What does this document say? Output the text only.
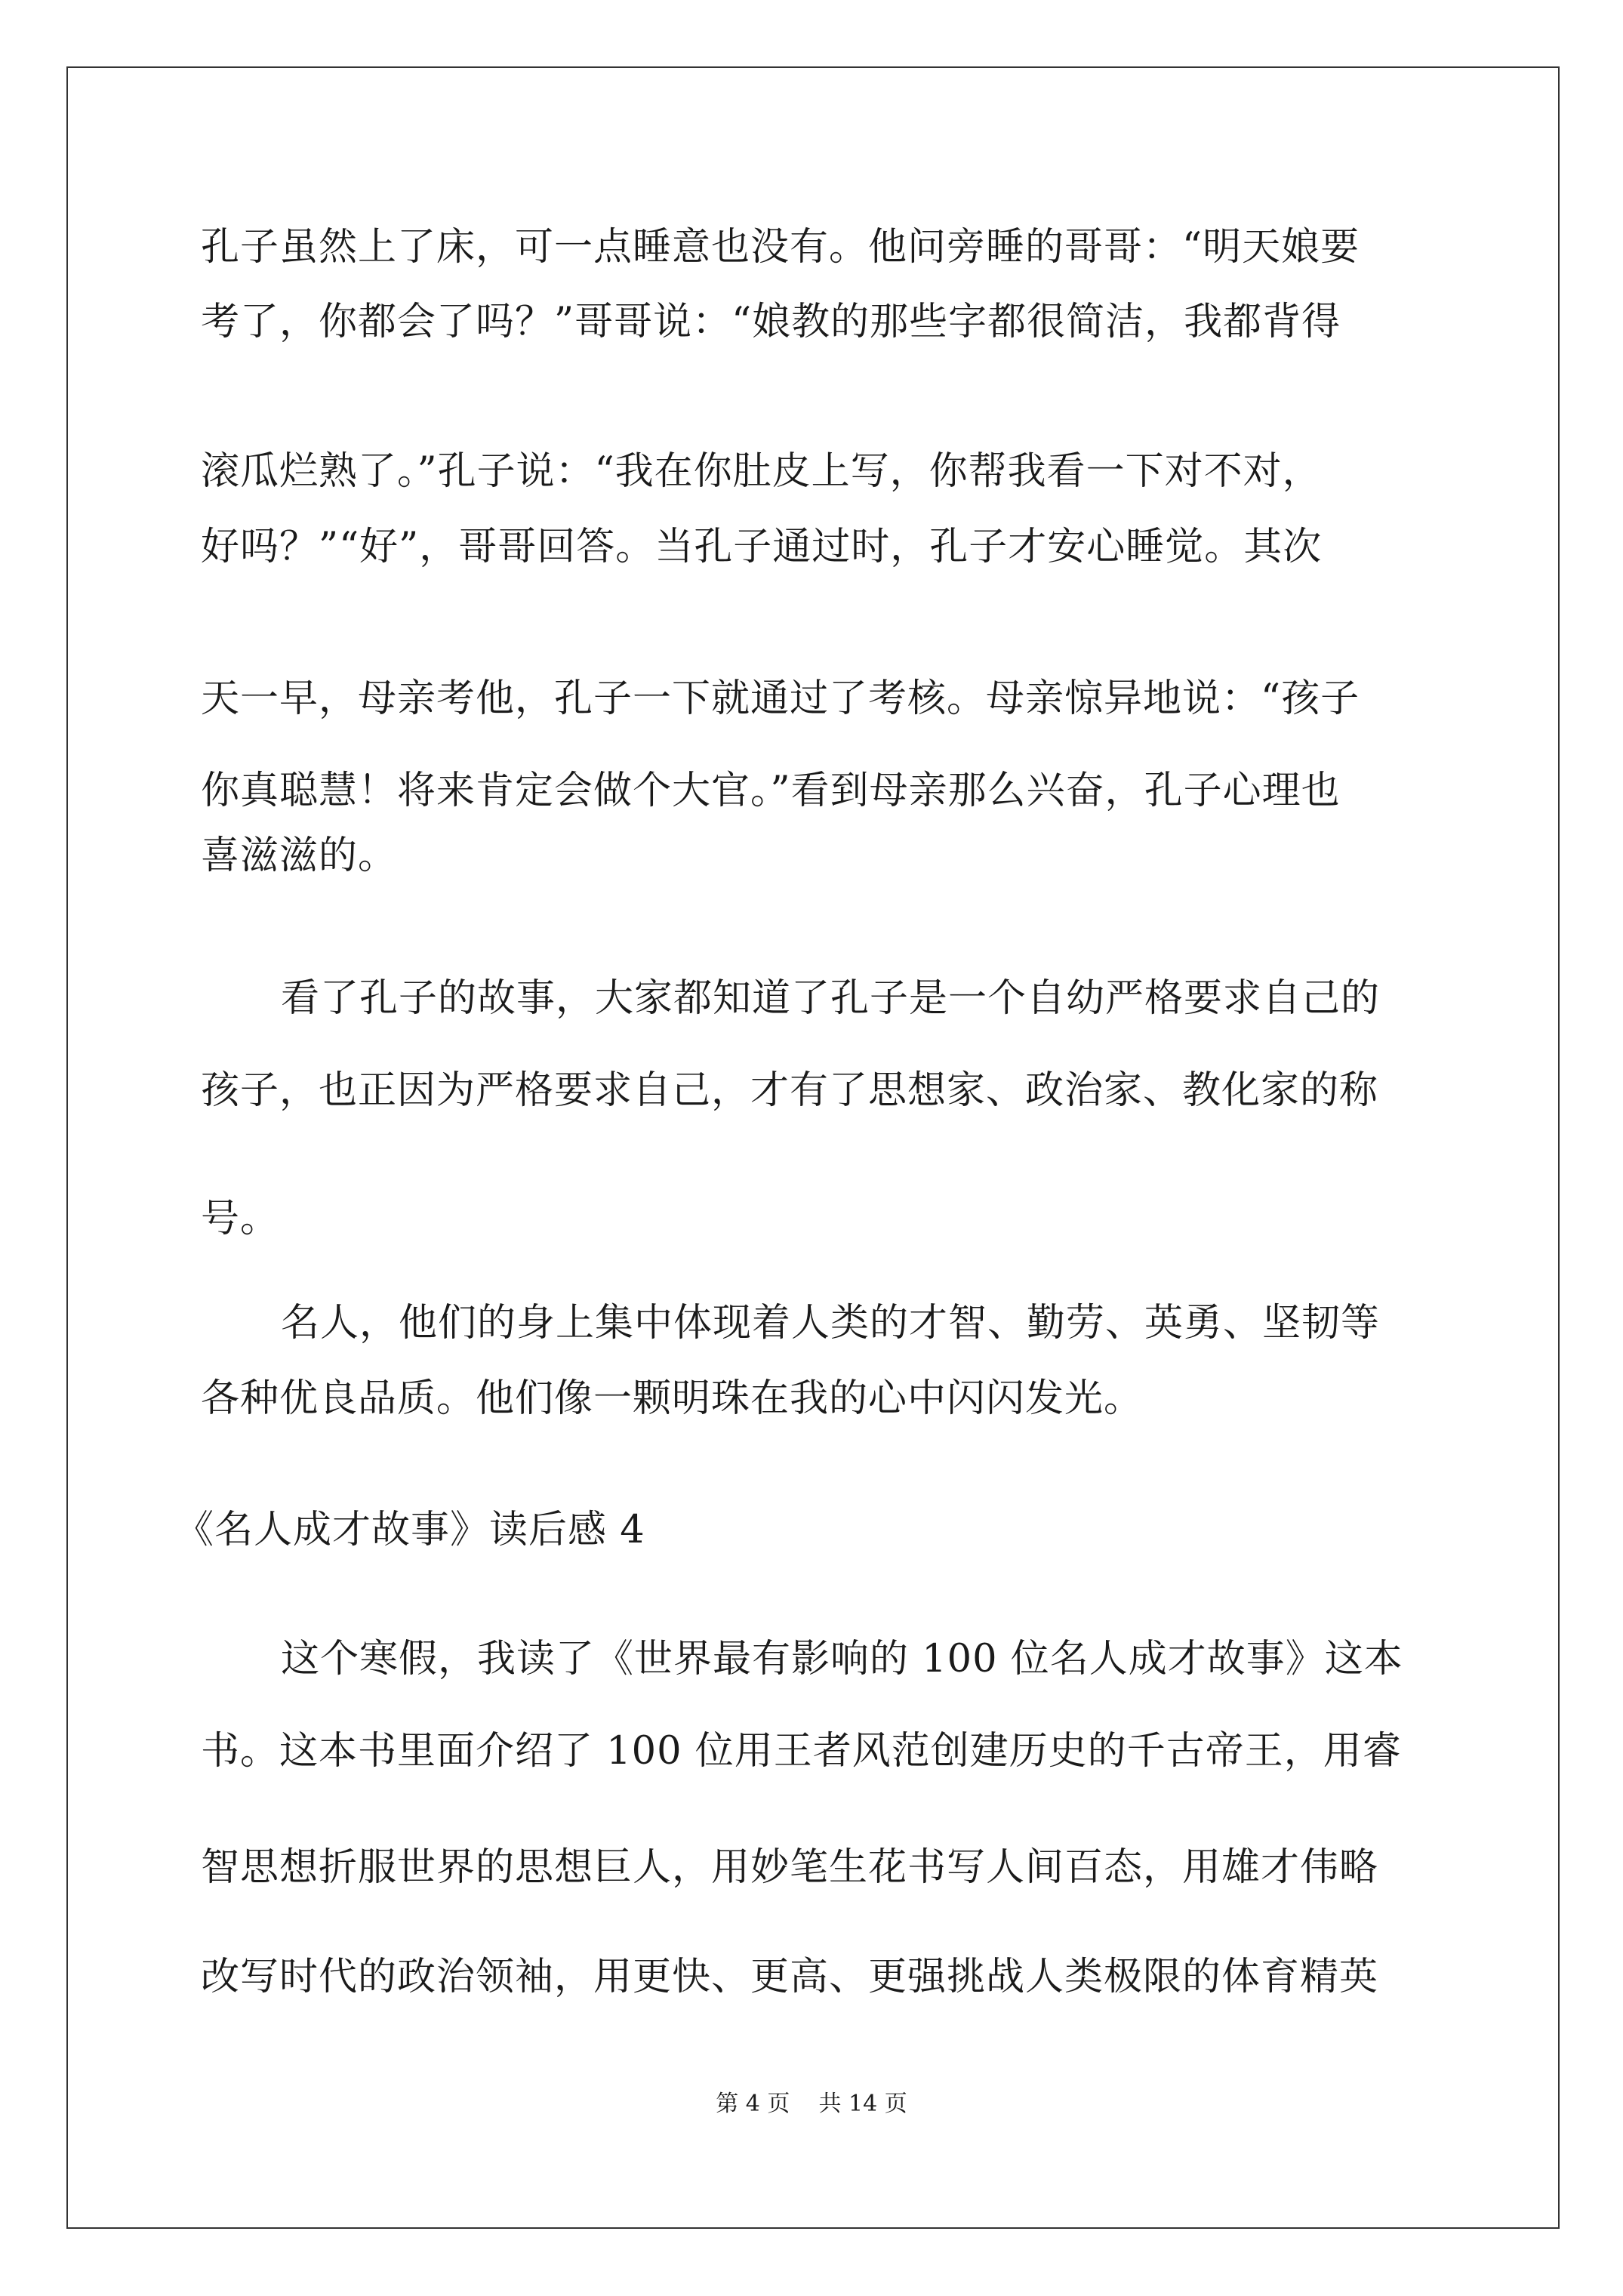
孔子虽然上了床，可一点睡意也没有。他问旁睡的哥哥：“明天娘要
考了，你都会了吗？”哥哥说：“娘教的那些字都很简洁，我都背得
滚瓜烂熟了。”孔子说：“我在你肚皮上写，你帮我看一下对不对，
好吗？”“好”，哥哥回答。当孔子通过时，孔子才安心睡觉。其次
天一早，母亲考他，孔子一下就通过了考核。母亲惊异地说：“孩子
你真聪慧！将来肯定会做个大官。”看到母亲那么兴奋，孔子心理也
喜滋滋的。
看了孔子的故事，大家都知道了孔子是一个自幼严格要求自己的
孩子，也正因为严格要求自己，才有了思想家、政治家、教化家的称
号。
名人，他们的身上集中体现着人类的才智、勤劳、英勇、坚韧等
各种优良品质。他们像一颗明珠在我的心中闪闪发光。
《名人成才故事》读后感 4
这个寒假，我读了《世界最有影响的 100 位名人成才故事》这本
书。这本书里面介绍了 100 位用王者风范创建历史的千古帝王，用睿
智思想折服世界的思想巨人，用妙笔生花书写人间百态，用雄才伟略
改写时代的政治领袖，用更快、更高、更强挑战人类极限的体育精英
第 4 页    共 14 页
